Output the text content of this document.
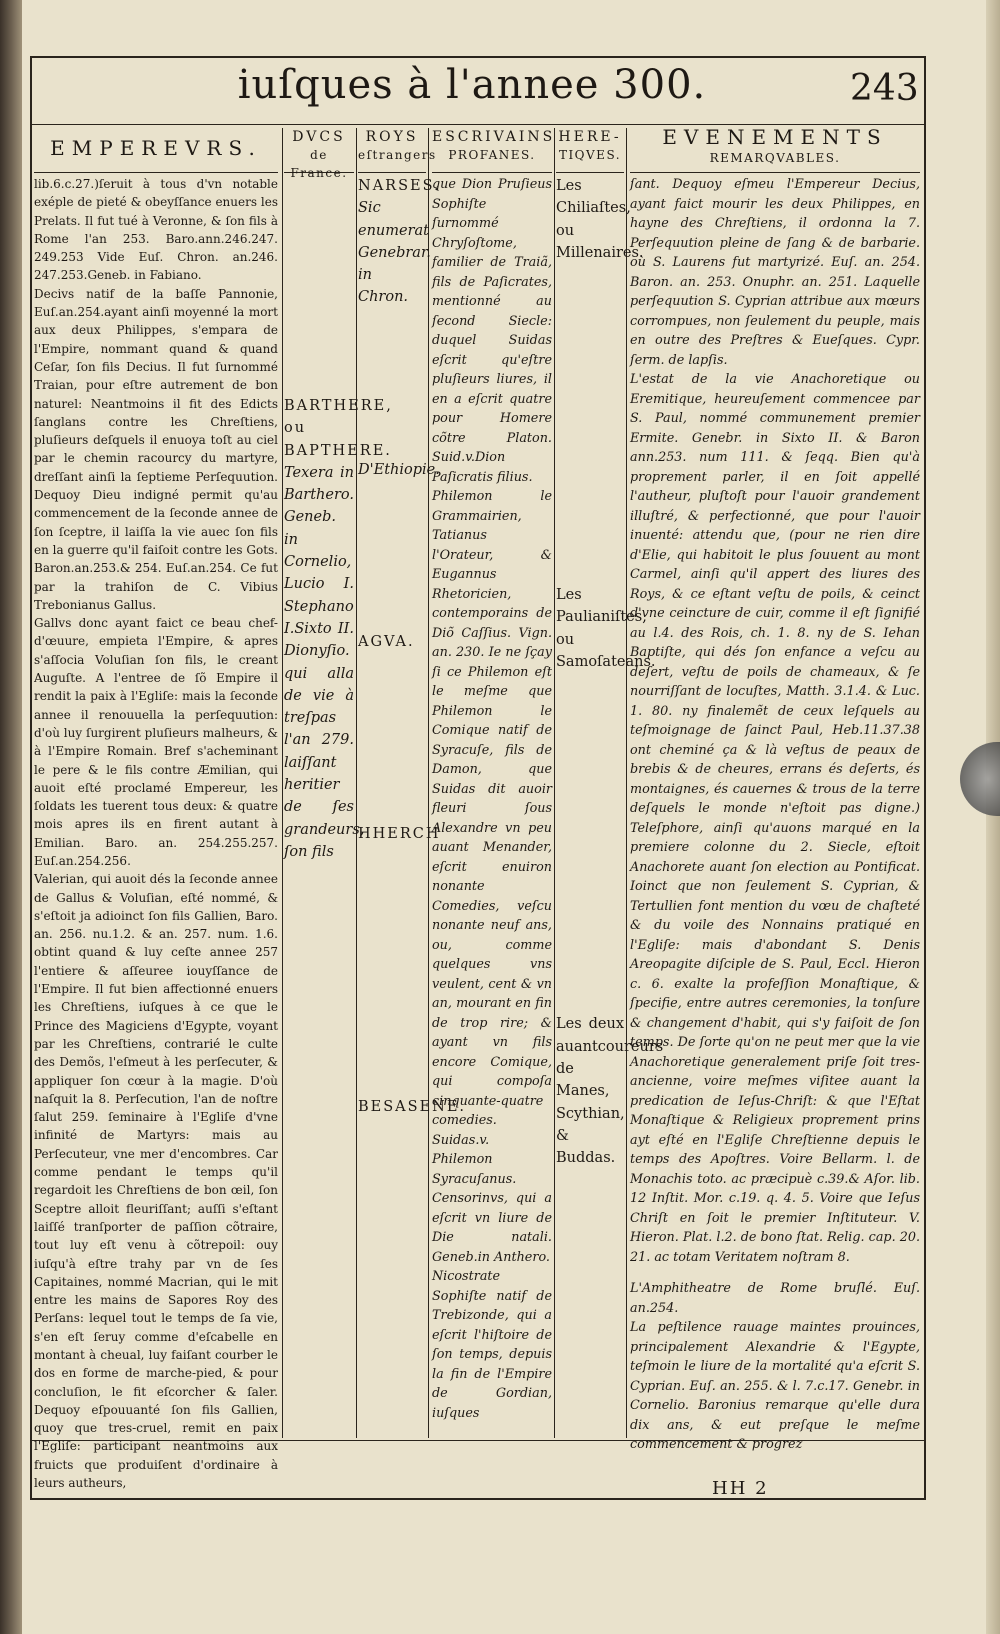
iuſques à l'annee 300.	243
EMPEREVRS.

lib.6.c.27.)ſeruit à tous d'vn notable exéple de pieté & obeyſſance enuers les Prelats. Il fut tué à Veronne, & ſon fils à Rome l'an 253. Baro.ann.246.247. 249.253 Vide Euſ. Chron. an.246. 247.253.Geneb. in Fabiano.

Decivs natif de la baſſe Pannonie, Euſ.an.254.ayant ainſi moyenné la mort aux deux Philippes, s'empara de l'Empire, nommant quand & quand Ceſar, ſon fils Decius. Il fut ſurnommé Traian, pour eſtre autrement de bon naturel: Neantmoins il fit des Edicts ſanglans contre les Chreſtiens, pluſieurs deſquels il enuoya toſt au ciel par le chemin racourcy du martyre, dreſſant ainſi la ſeptieme Perſequution. Dequoy Dieu indigné permit qu'au commencement de la ſeconde annee de ſon ſceptre, il laiſſa la vie auec ſon fils en la guerre qu'il faiſoit contre les Gots. Baron.an.253.& 254. Euſ.an.254. Ce fut par la trahiſon de C. Vibius Trebonianus Gallus.

Gallvs donc ayant faict ce beau chef-d'œuure, empieta l'Empire, & apres s'aſſocia Voluſian ſon fils, le creant Auguſte. A l'entree de ſõ Empire il rendit la paix à l'Egliſe: mais la ſeconde annee il renouuella la perſequution: d'où luy ſurgirent pluſieurs malheurs, & à l'Empire Romain. Bref s'acheminant le pere & le fils contre Æmilian, qui auoit eſté proclamé Empereur, les ſoldats les tuerent tous deux: & quatre mois apres ils en firent autant à Emilian. Baro. an. 254.255.257. Euſ.an.254.256.

Valerian, qui auoit dés la ſeconde annee de Gallus & Voluſian, eſté nommé, & s'eſtoit ja adioinct ſon fils Gallien, Baro. an. 256. nu.1.2. & an. 257. num. 1.6. obtint quand & luy ceſte annee 257 l'entiere & aſſeuree iouyſſance de l'Empire. Il fut bien affectionné enuers les Chreſtiens, iuſques à ce que le Prince des Magiciens d'Egypte, voyant par les Chreſtiens, contrarié le culte des Demõs, l'eſmeut à les perſecuter, & appliquer ſon cœur à la magie. D'où naſquit la 8. Perſecution, l'an de noſtre ſalut 259. ſeminaire à l'Egliſe d'vne infinité de Martyrs: mais au Perſecuteur, vne mer d'encombres. Car comme pendant le temps qu'il regardoit les Chreſtiens de bon œil, ſon Sceptre alloit fleuriſſant; auſſi s'eſtant laiſſé tranſporter de paſſion cõtraire, tout luy eſt venu à cõtrepoil: ouy iuſqu'à eſtre trahy par vn de ſes Capitaines, nommé Macrian, qui le mit entre les mains de Sapores Roy des Perſans: lequel tout le temps de ſa vie, s'en eſt ſeruy comme d'eſcabelle en montant à cheual, luy faiſant courber le dos en forme de marche-pied, & pour concluſion, le fit eſcorcher & ſaler. Dequoy eſpouuanté ſon fils Gallien, quoy que tres-cruel, remit en paix l'Egliſe: participant neantmoins aux fruicts que produiſent d'ordinaire à leurs autheurs,

DVCS
de France.

BARTHERE, ou BAPTHERE.

Texera in Barthero. Geneb. in Cornelio, Lucio I. Stephano I.Sixto II. Dionyſio. qui alla de vie à treſpas l'an 279. laiſſant heritier de ſes grandeurs, ſon fils

ROYS
eſtrangers

NARSES.

Sic enumerat Genebrar. in Chron.

D'Ethiopie.

AGVA.

HHERCH

BESASENE.

ESCRIVAINS
PROFANES.

que Dion Pruſieus Sophiſte ſurnommé Chryſoſtome, familier de Traiã, fils de Paſicrates, mentionné au ſecond Siecle: duquel Suidas eſcrit qu'eſtre pluſieurs liures, il en a eſcrit quatre pour Homere cõtre Platon. Suid.v.Dion Paſicratis filius.

Philemon le Grammairien, Tatianus l'Orateur, & Eugannus Rhetoricien, contemporains de Diõ Caſſius. Vign. an. 230. Ie ne ſçay ſi ce Philemon eſt le meſme que Philemon le Comique natif de Syracuſe, fils de Damon, que Suidas dit auoir fleuri ſous Alexandre vn peu auant Menander, eſcrit enuiron nonante Comedies, veſcu nonante neuf ans, ou, comme quelques vns veulent, cent & vn an, mourant en fin de trop rire; & ayant vn fils encore Comique, qui compoſa cinquante-quatre comedies. Suidas.v. Philemon Syracuſanus.

Censorinvs, qui a eſcrit vn liure de Die natali. Geneb.in Anthero.

Nicostrate Sophiſte natif de Trebizonde, qui a eſcrit l'hiſtoire de ſon temps, depuis la fin de l'Empire de Gordian, iuſques

HERE-
TIQVES.

Les Chiliaſtes, ou Millenaires.

Les Paulianiſtes, ou Samoſateans.

Les deux auantcoureurs de Manes, Scythian, & Buddas.

EVENEMENTS
REMARQVABLES.

ſant. Dequoy eſmeu l'Empereur Decius, ayant faict mourir les deux Philippes, en hayne des Chreſtiens, il ordonna la 7. Perſequution pleine de ſang & de barbarie. où S. Laurens fut martyrizé. Euſ. an. 254. Baron. an. 253. Onuphr. an. 251. Laquelle perſequution S. Cyprian attribue aux mœurs corrompues, non ſeulement du peuple, mais en outre des Preſtres & Eueſques. Cypr. ſerm. de lapſis.

L'estat de la vie Anachoretique ou Eremitique, heureuſement commencee par S. Paul, nommé communement premier Ermite. Genebr. in Sixto II. & Baron ann.253. num 111. & ſeqq. Bien qu'à proprement parler, il en ſoit appellé l'autheur, pluſtoſt pour l'auoir grandement illuſtré, & perfectionné, que pour l'auoir inuenté: attendu que, (pour ne rien dire d'Elie, qui habitoit le plus ſouuent au mont Carmel, ainſi qu'il appert des liures des Roys, & ce eſtant veſtu de poils, & ceinct d'vne ceincture de cuir, comme il eſt ſignifié au l.4. des Rois, ch. 1. 8. ny de S. Iehan Baptiſte, qui dés ſon enfance a veſcu au deſert, veſtu de poils de chameaux, & ſe nourriſſant de locuſtes, Matth. 3.1.4. & Luc. 1. 80. ny finalemẽt de ceux leſquels au teſmoignage de ſainct Paul, Heb.11.37.38 ont cheminé ça & là veſtus de peaux de brebis & de cheures, errans és deſerts, és montaignes, és cauernes & trous de la terre deſquels le monde n'eſtoit pas digne.) Teleſphore, ainſi qu'auons marqué en la premiere colonne du 2. Siecle, eſtoit Anachorete auant ſon election au Pontificat. Ioinct que non ſeulement S. Cyprian, & Tertullien font mention du vœu de chaſteté & du voile des Nonnains pratiqué en l'Egliſe: mais d'abondant S. Denis Areopagite diſciple de S. Paul, Eccl. Hieron c. 6. exalte la profeſſion Monaſtique, & ſpecifie, entre autres ceremonies, la tonſure & changement d'habit, qui s'y faiſoit de ſon temps. De ſorte qu'on ne peut mer que la vie Anachoretique generalement priſe ſoit tres-ancienne, voire meſmes viſitee auant la predication de Ieſus-Chriſt: & que l'Eſtat Monaſtique & Religieux proprement prins ayt eſté en l'Egliſe Chreſtienne depuis le temps des Apoſtres. Voire Bellarm. l. de Monachis toto. ac præcipuè c.39.& Aſor. lib. 12 Inſtit. Mor. c.19. q. 4. 5. Voire que Ieſus Chriſt en ſoit le premier Inſtituteur. V. Hieron. Plat. l.2. de bono ſtat. Relig. cap. 20. 21. ac totam Veritatem noſtram 8.

L'Amphitheatre de Rome bruſlé. Euſ. an.254.

La peſtilence rauage maintes prouinces, principalement Alexandrie & l'Egypte, teſmoin le liure de la mortalité qu'a eſcrit S. Cyprian. Euſ. an. 255. & l. 7.c.17. Genebr. in Cornelio. Baronius remarque qu'elle dura dix ans, & eut preſque le meſme commencement & progrez

HH 2
